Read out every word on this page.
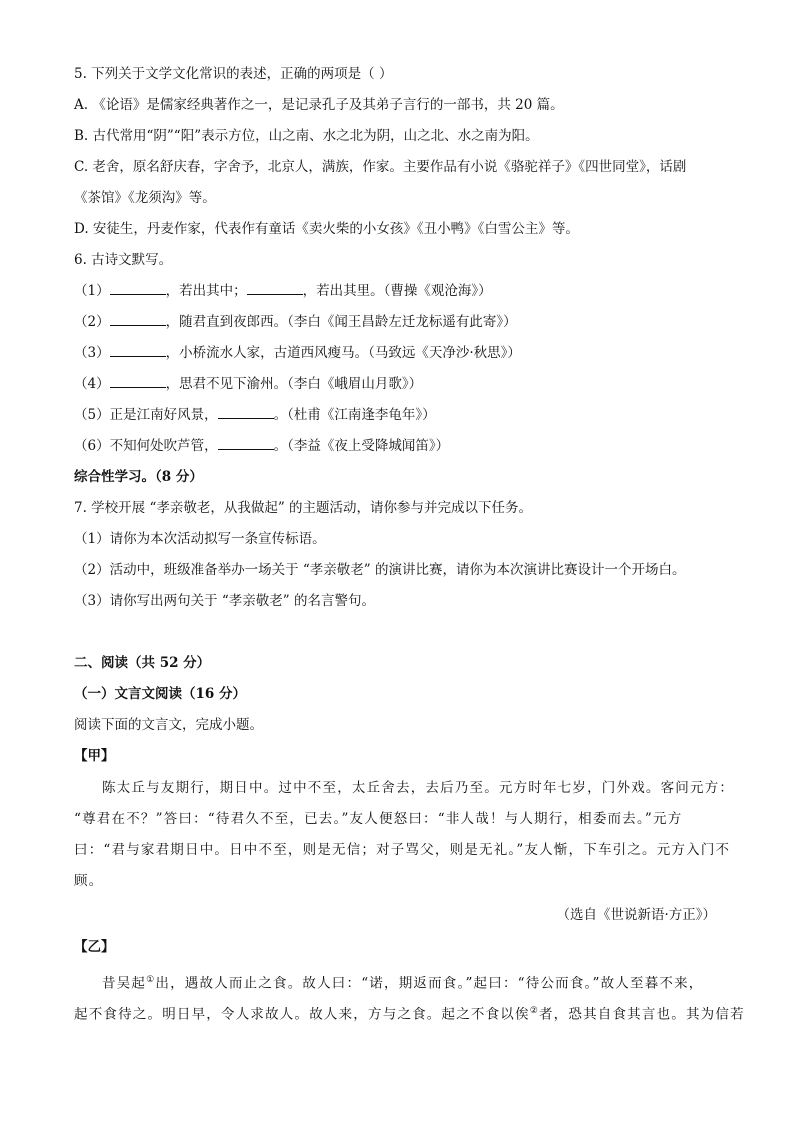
5. 下列关于文学文化常识的表述，正确的两项是（ ）
A. 《论语》是儒家经典著作之一，是记录孔子及其弟子言行的一部书，共 20 篇。
B. 古代常用“阴”“阳”表示方位，山之南、水之北为阴，山之北、水之南为阳。
C. 老舍，原名舒庆春，字舍予，北京人，满族，作家。主要作品有小说《骆驼祥子》《四世同堂》，话剧
《茶馆》《龙须沟》等。
D. 安徒生，丹麦作家，代表作有童话《卖火柴的小女孩》《丑小鸭》《白雪公主》等。
6. 古诗文默写。
（1）	，若出其中；	，若出其里。（曹操《观沧海》）
（2）	，随君直到夜郎西。（李白《闻王昌龄左迁龙标遥有此寄》）
（3）	，小桥流水人家，古道西风瘦马。（马致远《天净沙·秋思》）
（4）	，思君不见下渝州。（李白《峨眉山月歌》）
（5）正是江南好风景，	。（杜甫《江南逢李龟年》）
（6）不知何处吹芦管，	。（李益《夜上受降城闻笛》）
综合性学习。（8 分）
7. 学校开展 “孝亲敬老，从我做起” 的主题活动，请你参与并完成以下任务。
（1）请你为本次活动拟写一条宣传标语。
（2）活动中，班级准备举办一场关于 “孝亲敬老” 的演讲比赛，请你为本次演讲比赛设计一个开场白。
（3）请你写出两句关于 “孝亲敬老” 的名言警句。
二、阅读（共 52 分）
（一）文言文阅读（16 分）
阅读下面的文言文，完成小题。
【甲】
陈太丘与友期行，期日中。过中不至，太丘舍去，去后乃至。元方时年七岁，门外戏。客问元方：
“尊君在不？”答曰：“待君久不至，已去。”友人便怒曰：“非人哉！与人期行，相委而去。”元方
曰：“君与家君期日中。日中不至，则是无信；对子骂父，则是无礼。”友人惭，下车引之。元方入门不
顾。
（选自《世说新语·方正》）
【乙】
昔吴起①出，遇故人而止之食。故人曰：“诺，期返而食。”起曰：“待公而食。”故人至暮不来，
起不食待之。明日早，令人求故人。故人来，方与之食。起之不食以俟②者，恐其自食其言也。其为信若
